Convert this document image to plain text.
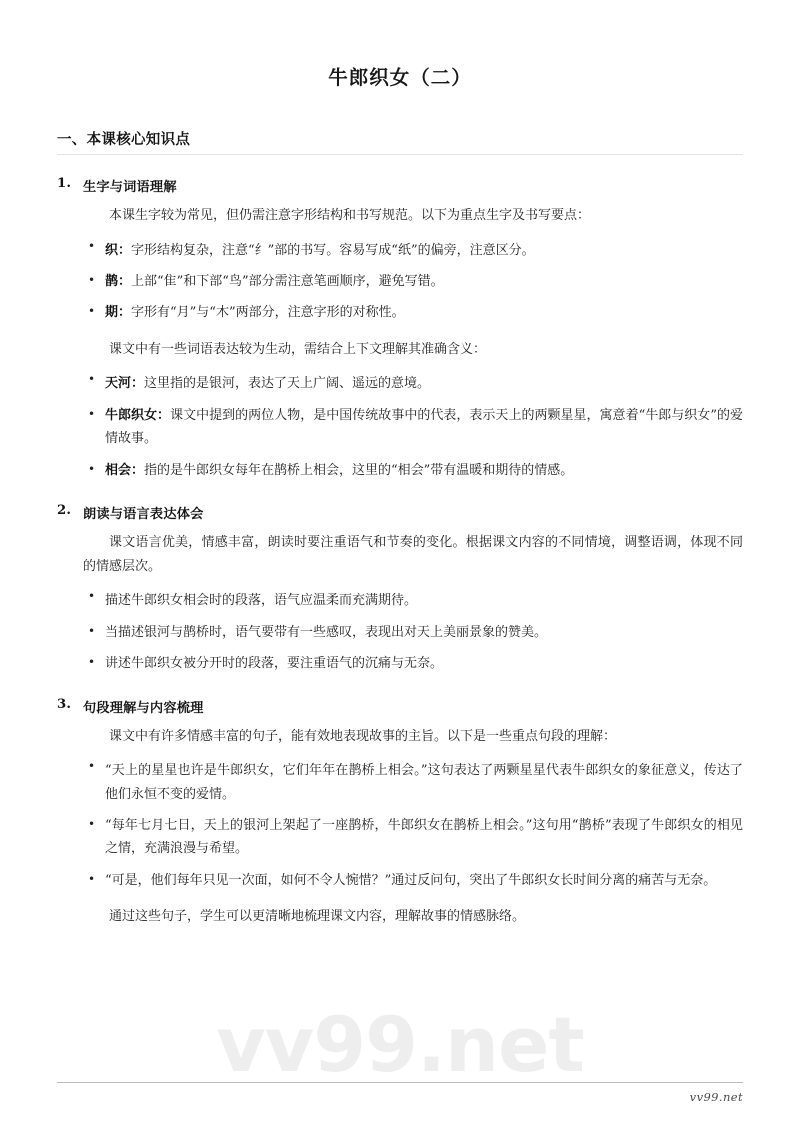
vv99.net
牛郎织女（二）
一、本课核心知识点
1. 生字与词语理解

本课生字较为常见，但仍需注意字形结构和书写规范。以下为重点生字及书写要点：

• 织：字形结构复杂，注意“纟”部的书写。容易写成“纸”的偏旁，注意区分。
• 鹊：上部“隹”和下部“鸟”部分需注意笔画顺序，避免写错。
• 期：字形有“月”与“木”两部分，注意字形的对称性。

课文中有一些词语表达较为生动，需结合上下文理解其准确含义：

• 天河：这里指的是银河，表达了天上广阔、遥远的意境。
• 牛郎织女：课文中提到的两位人物，是中国传统故事中的代表，表示天上的两颗星星，寓意着“牛郎与织女”的爱情故事。
• 相会：指的是牛郎织女每年在鹊桥上相会，这里的“相会”带有温暖和期待的情感。
2. 朗读与语言表达体会

课文语言优美，情感丰富，朗读时要注重语气和节奏的变化。根据课文内容的不同情境，调整语调，体现不同的情感层次。

• 描述牛郎织女相会时的段落，语气应温柔而充满期待。
• 当描述银河与鹊桥时，语气要带有一些感叹，表现出对天上美丽景象的赞美。
• 讲述牛郎织女被分开时的段落，要注重语气的沉痛与无奈。
3. 句段理解与内容梳理

课文中有许多情感丰富的句子，能有效地表现故事的主旨。以下是一些重点句段的理解：

• “天上的星星也许是牛郎织女，它们年年在鹊桥上相会。”这句表达了两颗星星代表牛郎织女的象征意义，传达了他们永恒不变的爱情。
• “每年七月七日，天上的银河上架起了一座鹊桥，牛郎织女在鹊桥上相会。”这句用“鹊桥”表现了牛郎织女的相见之情，充满浪漫与希望。
• “可是，他们每年只见一次面，如何不令人惋惜？”通过反问句，突出了牛郎织女长时间分离的痛苦与无奈。

通过这些句子，学生可以更清晰地梳理课文内容，理解故事的情感脉络。

vv99.net
